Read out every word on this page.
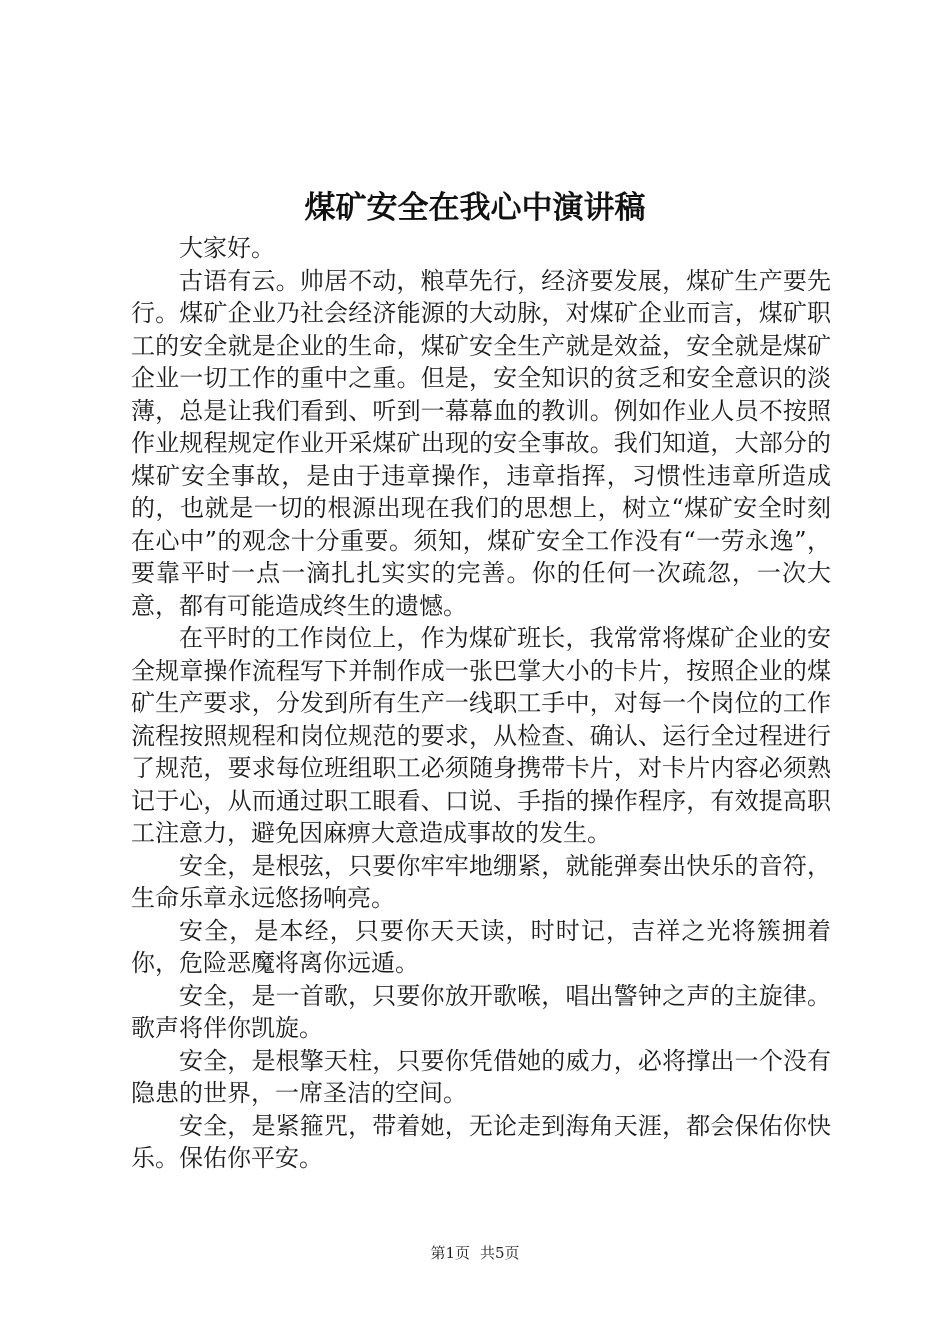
煤矿安全在我心中演讲稿

大家好。

古语有云。帅居不动，粮草先行，经济要发展，煤矿生产要先行。煤矿企业乃社会经济能源的大动脉，对煤矿企业而言，煤矿职工的安全就是企业的生命，煤矿安全生产就是效益，安全就是煤矿企业一切工作的重中之重。但是，安全知识的贫乏和安全意识的淡薄，总是让我们看到、听到一幕幕血的教训。例如作业人员不按照作业规程规定作业开采煤矿出现的安全事故。我们知道，大部分的煤矿安全事故，是由于违章操作，违章指挥，习惯性违章所造成的，也就是一切的根源出现在我们的思想上，树立“煤矿安全时刻在心中”的观念十分重要。须知，煤矿安全工作没有“一劳永逸”，要靠平时一点一滴扎扎实实的完善。你的任何一次疏忽，一次大意，都有可能造成终生的遗憾。

在平时的工作岗位上，作为煤矿班长，我常常将煤矿企业的安全规章操作流程写下并制作成一张巴掌大小的卡片，按照企业的煤矿生产要求，分发到所有生产一线职工手中，对每一个岗位的工作流程按照规程和岗位规范的要求，从检查、确认、运行全过程进行了规范，要求每位班组职工必须随身携带卡片，对卡片内容必须熟记于心，从而通过职工眼看、口说、手指的操作程序，有效提高职工注意力，避免因麻痹大意造成事故的发生。

安全，是根弦，只要你牢牢地绷紧，就能弹奏出快乐的音符，生命乐章永远悠扬响亮。

安全，是本经，只要你天天读，时时记，吉祥之光将簇拥着你，危险恶魔将离你远遁。

安全，是一首歌，只要你放开歌喉，唱出警钟之声的主旋律。歌声将伴你凯旋。

安全，是根擎天柱，只要你凭借她的威力，必将撑出一个没有隐患的世界，一席圣洁的空间。

安全，是紧箍咒，带着她，无论走到海角天涯，都会保佑你快乐。保佑你平安。

第1页 共5页
